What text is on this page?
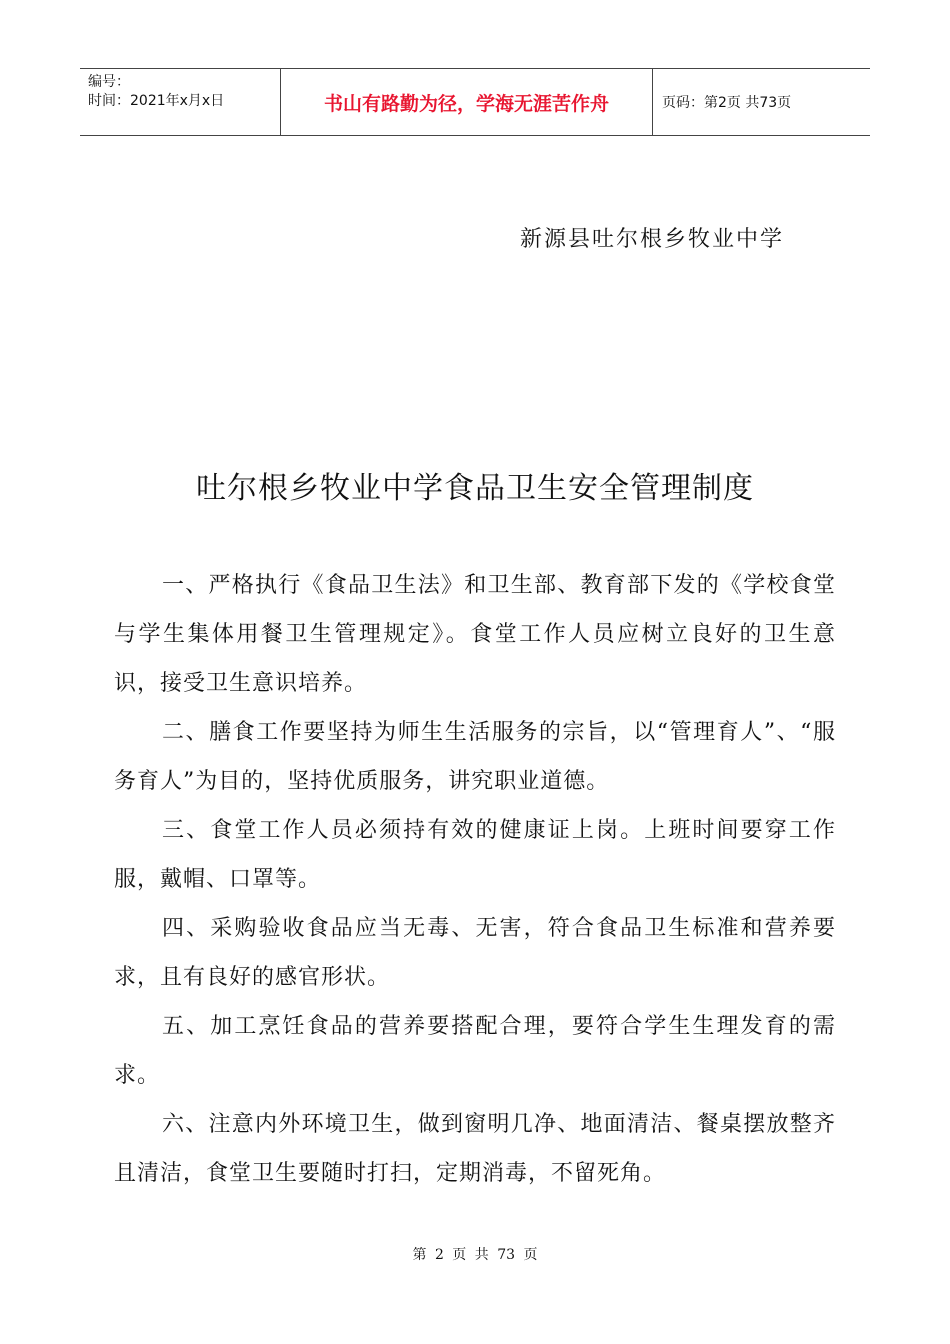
编号：
时间：2021年x月x日	书山有路勤为径，学海无涯苦作舟	页码：第2页 共73页
新源县吐尔根乡牧业中学
吐尔根乡牧业中学食品卫生安全管理制度

一、严格执行《食品卫生法》和卫生部、教育部下发的《学校食堂与学生集体用餐卫生管理规定》。食堂工作人员应树立良好的卫生意识，接受卫生意识培养。

二、膳食工作要坚持为师生生活服务的宗旨，以“管理育人”、“服务育人”为目的，坚持优质服务，讲究职业道德。

三、食堂工作人员必须持有效的健康证上岗。上班时间要穿工作服，戴帽、口罩等。

四、采购验收食品应当无毒、无害，符合食品卫生标准和营养要求，且有良好的感官形状。

五、加工烹饪食品的营养要搭配合理，要符合学生生理发育的需求。

六、注意内外环境卫生，做到窗明几净、地面清洁、餐桌摆放整齐且清洁，食堂卫生要随时打扫，定期消毒，不留死角。

第 2 页 共 73 页
